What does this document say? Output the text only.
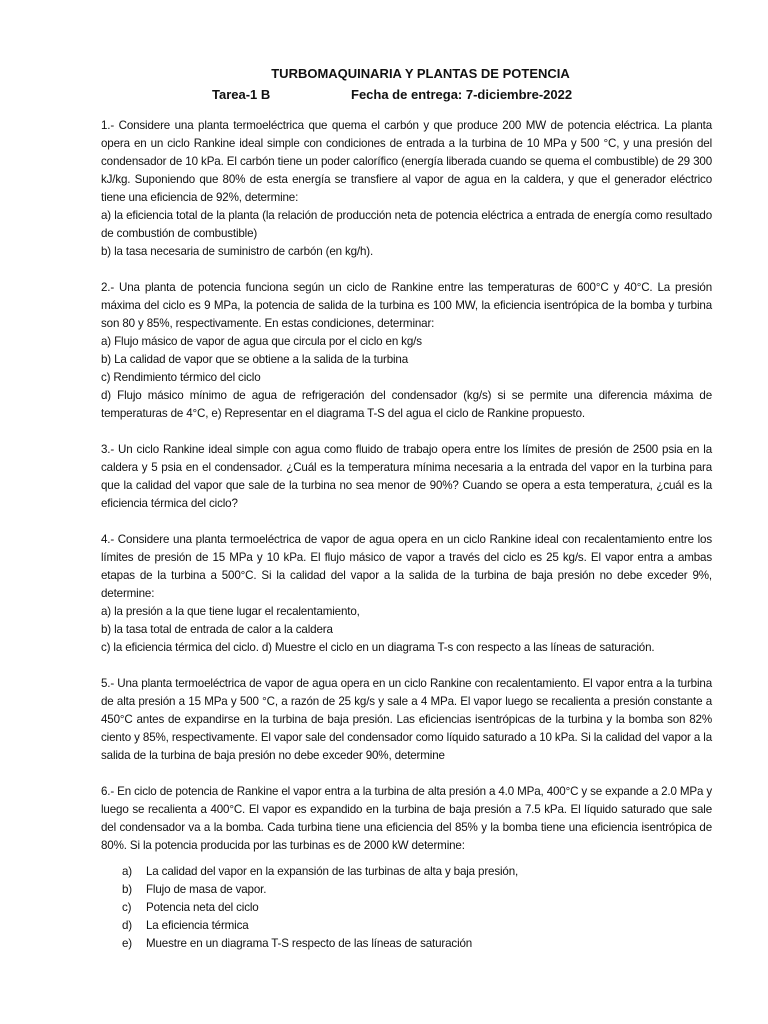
TURBOMAQUINARIA Y PLANTAS DE POTENCIA
Tarea-1 B	Fecha de entrega: 7-diciembre-2022

1.- Considere una planta termoeléctrica que quema el carbón y que produce 200 MW de potencia eléctrica. La planta opera en un ciclo Rankine ideal simple con condiciones de entrada a la turbina de 10 MPa y 500 °C, y una presión del condensador de 10 kPa. El carbón tiene un poder calorífico (energía liberada cuando se quema el combustible) de 29 300 kJ/kg. Suponiendo que 80% de esta energía se transfiere al vapor de agua en la caldera, y que el generador eléctrico tiene una eficiencia de 92%, determine:

a) la eficiencia total de la planta (la relación de producción neta de potencia eléctrica a entrada de energía como resultado de combustión de combustible)
b) la tasa necesaria de suministro de carbón (en kg/h).

2.- Una planta de potencia funciona según un ciclo de Rankine entre las temperaturas de 600°C y 40°C. La presión máxima del ciclo es 9 MPa, la potencia de salida de la turbina es 100 MW, la eficiencia isentrópica de la bomba y turbina son 80 y 85%, respectivamente. En estas condiciones, determinar:

a) Flujo másico de vapor de agua que circula por el ciclo en kg/s
b) La calidad de vapor que se obtiene a la salida de la turbina
c) Rendimiento térmico del ciclo
d) Flujo másico mínimo de agua de refrigeración del condensador (kg/s) si se permite una diferencia máxima de temperaturas de 4°C, e) Representar en el diagrama T-S del agua el ciclo de Rankine propuesto.

3.- Un ciclo Rankine ideal simple con agua como fluido de trabajo opera entre los límites de presión de 2500 psia en la caldera y 5 psia en el condensador. ¿Cuál es la temperatura mínima necesaria a la entrada del vapor en la turbina para que la calidad del vapor que sale de la turbina no sea menor de 90%? Cuando se opera a esta temperatura, ¿cuál es la eficiencia térmica del ciclo?

4.- Considere una planta termoeléctrica de vapor de agua opera en un ciclo Rankine ideal con recalentamiento entre los límites de presión de 15 MPa y 10 kPa. El flujo másico de vapor a través del ciclo es 25 kg/s. El vapor entra a ambas etapas de la turbina a 500°C. Si la calidad del vapor a la salida de la turbina de baja presión no debe exceder 9%, determine:

a) la presión a la que tiene lugar el recalentamiento,
b) la tasa total de entrada de calor a la caldera
c) la eficiencia térmica del ciclo. d) Muestre el ciclo en un diagrama T-s con respecto a las líneas de saturación.

5.- Una planta termoeléctrica de vapor de agua opera en un ciclo Rankine con recalentamiento. El vapor entra a la turbina de alta presión a 15 MPa y 500 °C, a razón de 25 kg/s y sale a 4 MPa. El vapor luego se recalienta a presión constante a 450°C antes de expandirse en la turbina de baja presión. Las eficiencias isentrópicas de la turbina y la bomba son 82% ciento y 85%, respectivamente. El vapor sale del condensador como líquido saturado a 10 kPa. Si la calidad del vapor a la salida de la turbina de baja presión no debe exceder 90%, determine

6.- En ciclo de potencia de Rankine el vapor entra a la turbina de alta presión a 4.0 MPa, 400°C y se expande a 2.0 MPa y luego se recalienta a 400°C. El vapor es expandido en la turbina de baja presión a 7.5 kPa. El líquido saturado que sale del condensador va a la bomba. Cada turbina tiene una eficiencia del 85% y la bomba tiene una eficiencia isentrópica de 80%. Si la potencia producida por las turbinas es de 2000 kW determine:

a)	La calidad del vapor en la expansión de las turbinas de alta y baja presión,
b)	Flujo de masa de vapor.
c)	Potencia neta del ciclo
d)	La eficiencia térmica
e)	Muestre en un diagrama T-S respecto de las líneas de saturación
